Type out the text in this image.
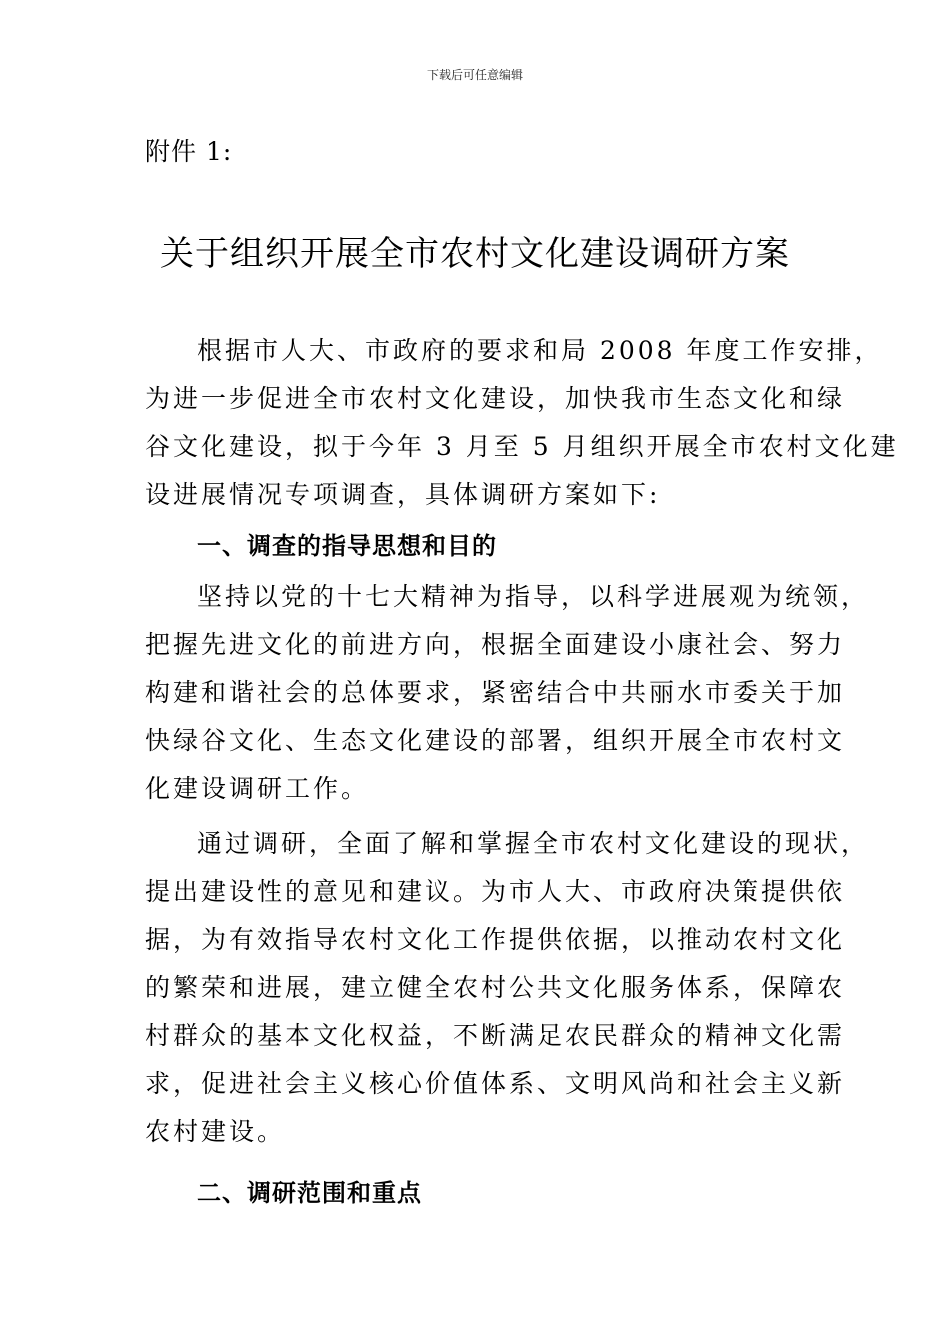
下载后可任意编辑
附件 1:
关于组织开展全市农村文化建设调研方案
根据市人大、市政府的要求和局 2008 年度工作安排，
为进一步促进全市农村文化建设，加快我市生态文化和绿
谷文化建设，拟于今年 3 月至 5 月组织开展全市农村文化建
设进展情况专项调查，具体调研方案如下:
一、调查的指导思想和目的
坚持以党的十七大精神为指导，以科学进展观为统领，
把握先进文化的前进方向，根据全面建设小康社会、努力
构建和谐社会的总体要求，紧密结合中共丽水市委关于加
快绿谷文化、生态文化建设的部署，组织开展全市农村文
化建设调研工作。
通过调研，全面了解和掌握全市农村文化建设的现状，
提出建设性的意见和建议。为市人大、市政府决策提供依
据，为有效指导农村文化工作提供依据，以推动农村文化
的繁荣和进展，建立健全农村公共文化服务体系，保障农
村群众的基本文化权益，不断满足农民群众的精神文化需
求，促进社会主义核心价值体系、文明风尚和社会主义新
农村建设。
二、调研范围和重点
